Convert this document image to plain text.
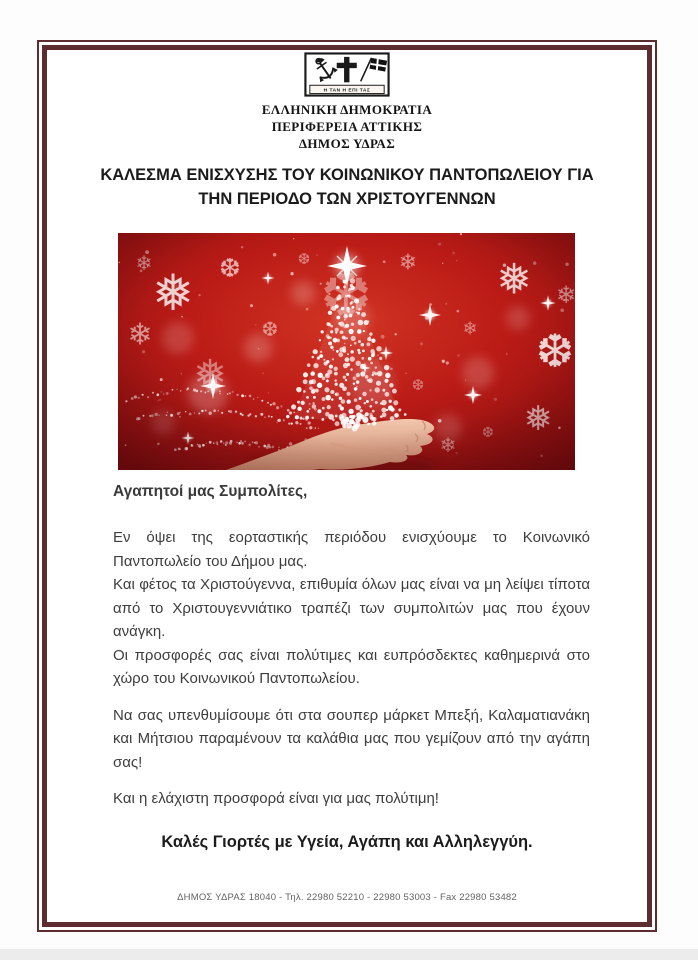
Η ΤΑΝ Η ΕΠΙ ΤΑΣ
ΕΛΛΗΝΙΚΗ ΔΗΜΟΚΡΑΤΙΑ
ΠΕΡΙΦΕΡΕΙΑ ΑΤΤΙΚΗΣ
ΔΗΜΟΣ ΥΔΡΑΣ
ΚΑΛΕΣΜΑ ΕΝΙΣΧΥΣΗΣ ΤΟΥ ΚΟΙΝΩΝΙΚΟΥ ΠΑΝΤΟΠΩΛΕΙΟΥ ΓΙΑ
ΤΗΝ ΠΕΡΙΟΔΟ ΤΩΝ ΧΡΙΣΤΟΥΓΕΝΝΩΝ

Αγαπητοί μας Συμπολίτες,

Εν όψει της εορταστικής περιόδου ενισχύουμε το Κοινωνικό Παντοπωλείο του Δήμου μας.

Και φέτος τα Χριστούγεννα, επιθυμία όλων μας είναι να μη λείψει τίποτα από το Χριστουγεννιάτικο τραπέζι των συμπολιτών μας που έχουν ανάγκη.

Οι προσφορές σας είναι πολύτιμες και ευπρόσδεκτες καθημερινά στο χώρο του Κοινωνικού Παντοπωλείου.

Να σας υπενθυμίσουμε ότι στα σουπερ μάρκετ Μπεξή, Καλαματιανάκη και Μήτσιου παραμένουν τα καλάθια μας που γεμίζουν από την αγάπη σας!

Και η ελάχιστη προσφορά είναι για μας πολύτιμη!

Καλές Γιορτές με Υγεία, Αγάπη και Αλληλεγγύη.
ΔΗΜΟΣ ΥΔΡΑΣ 18040 - Τηλ. 22980 52210 - 22980 53003 - Fax 22980 53482
